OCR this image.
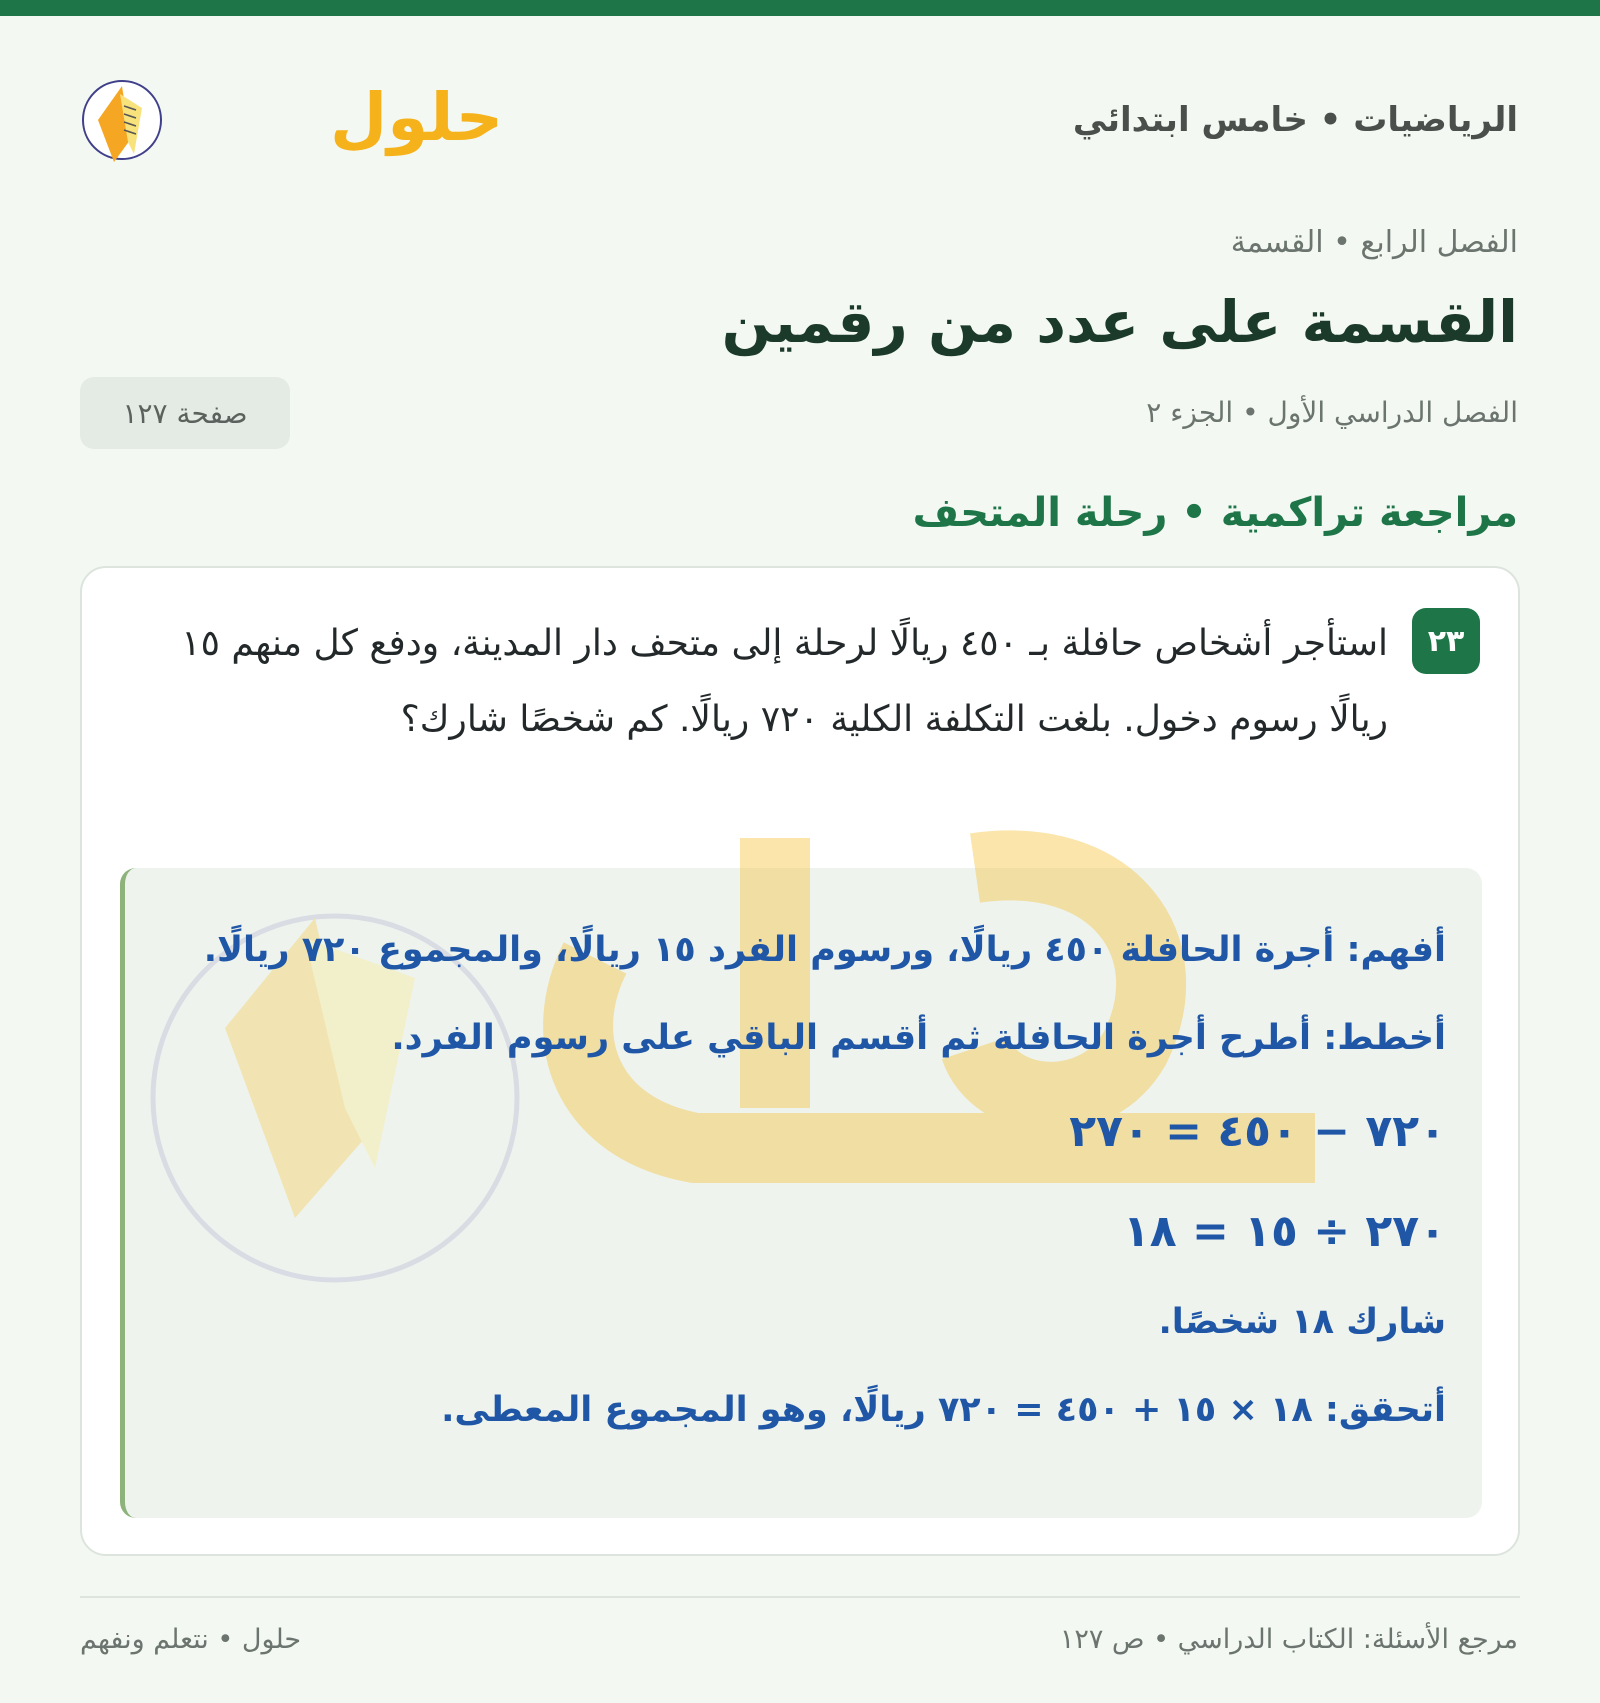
الرياضيات • خامس ابتدائي
حلول
الفصل الرابع • القسمة
القسمة على عدد من رقمين
الفصل الدراسي الأول • الجزء ٢
صفحة ١٢٧
مراجعة تراكمية • رحلة المتحف
٢٣
استأجر أشخاص حافلة بـ ٤٥٠ ريالًا لرحلة إلى متحف دار المدينة، ودفع كل منهم ١٥ ريالًا رسوم دخول. بلغت التكلفة الكلية ٧٢٠ ريالًا. كم شخصًا شارك؟
أفهم: أجرة الحافلة ٤٥٠ ريالًا، ورسوم الفرد ١٥ ريالًا، والمجموع ٧٢٠ ريالًا.
أخطط: أطرح أجرة الحافلة ثم أقسم الباقي على رسوم الفرد.
٧٢٠ − ٤٥٠ = ٢٧٠
٢٧٠ ÷ ١٥ = ١٨
شارك ١٨ شخصًا.
أتحقق: ١٨ × ١٥ + ٤٥٠ = ٧٢٠ ريالًا، وهو المجموع المعطى.
حلول • نتعلم ونفهم	مرجع الأسئلة: الكتاب الدراسي • ص ١٢٧
